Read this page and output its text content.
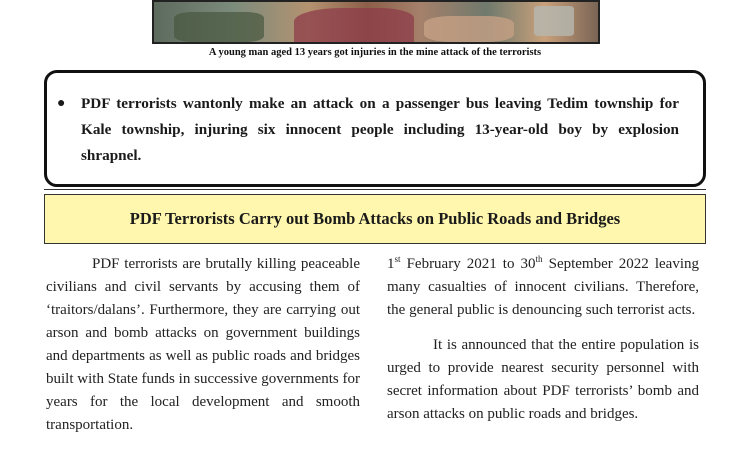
A young man aged 13 years got injuries in the mine attack of the terrorists
● PDF terrorists wantonly make an attack on a passenger bus leaving Tedim township for Kale township, injuring six innocent people including 13-year-old boy by explosion shrapnel.
PDF Terrorists Carry out Bomb Attacks on Public Roads and Bridges

PDF terrorists are brutally killing peaceable civilians and civil servants by accusing them of ‘traitors/dalans’. Furthermore, they are carrying out arson and bomb attacks on government buildings and departments as well as public roads and bridges built with State funds in successive governments for years for the local development and smooth transportation.

1st February 2021 to 30th September 2022 leaving many casualties of innocent civilians. Therefore, the general public is denouncing such terrorist acts.

It is announced that the entire population is urged to provide nearest security personnel with secret information about PDF terrorists’ bomb and arson attacks on public roads and bridges.
